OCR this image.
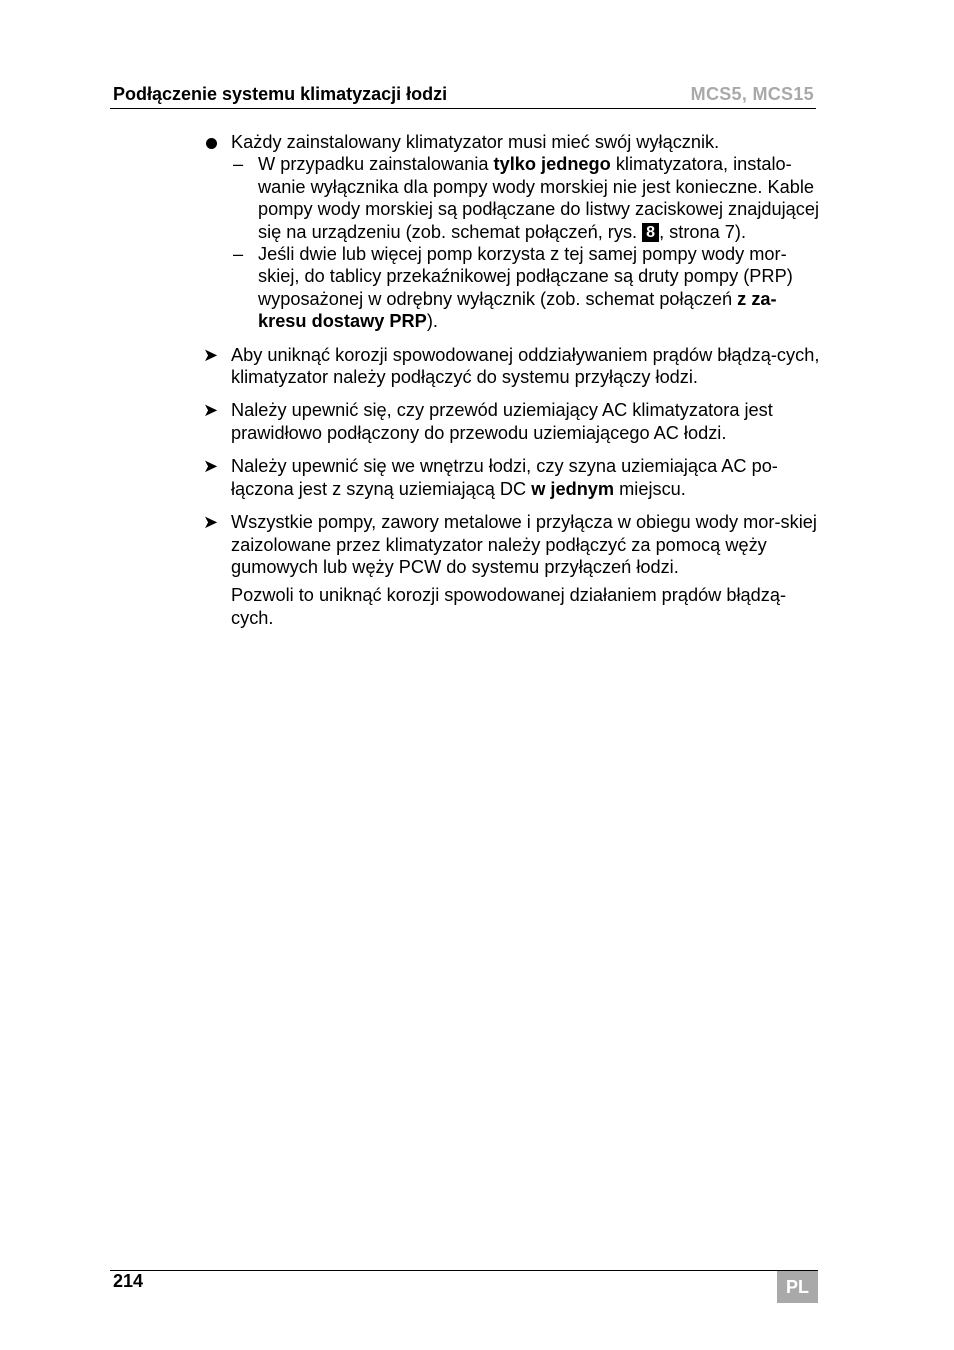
Podłączenie systemu klimatyzacji łodzi	MCS5, MCS15
Każdy zainstalowany klimatyzator musi mieć swój wyłącznik.
– W przypadku zainstalowania tylko jednego klimatyzatora, instalo-wanie wyłącznika dla pompy wody morskiej nie jest konieczne. Kable pompy wody morskiej są podłączane do listwy zaciskowej znajdującej się na urządzeniu (zob. schemat połączeń, rys. 8 , strona 7).
– Jeśli dwie lub więcej pomp korzysta z tej samej pompy wody mor-skiej, do tablicy przekaźnikowej podłączane są druty pompy (PRP) wyposażonej w odrębny wyłącznik (zob. schemat połączeń z za-kresu dostawy PRP).
➤ Aby uniknąć korozji spowodowanej oddziaływaniem prądów błądzą-cych, klimatyzator należy podłączyć do systemu przyłączy łodzi.
➤ Należy upewnić się, czy przewód uziemiający AC klimatyzatora jest prawidłowo podłączony do przewodu uziemiającego AC łodzi.
➤ Należy upewnić się we wnętrzu łodzi, czy szyna uziemiająca AC po-łączona jest z szyną uziemiającą DC w jednym miejscu.
➤ Wszystkie pompy, zawory metalowe i przyłącza w obiegu wody mor-skiej zaizolowane przez klimatyzator należy podłączyć za pomocą węży gumowych lub węży PCW do systemu przyłączeń łodzi.
Pozwoli to uniknąć korozji spowodowanej działaniem prądów błądzą-cych.
214	PL
